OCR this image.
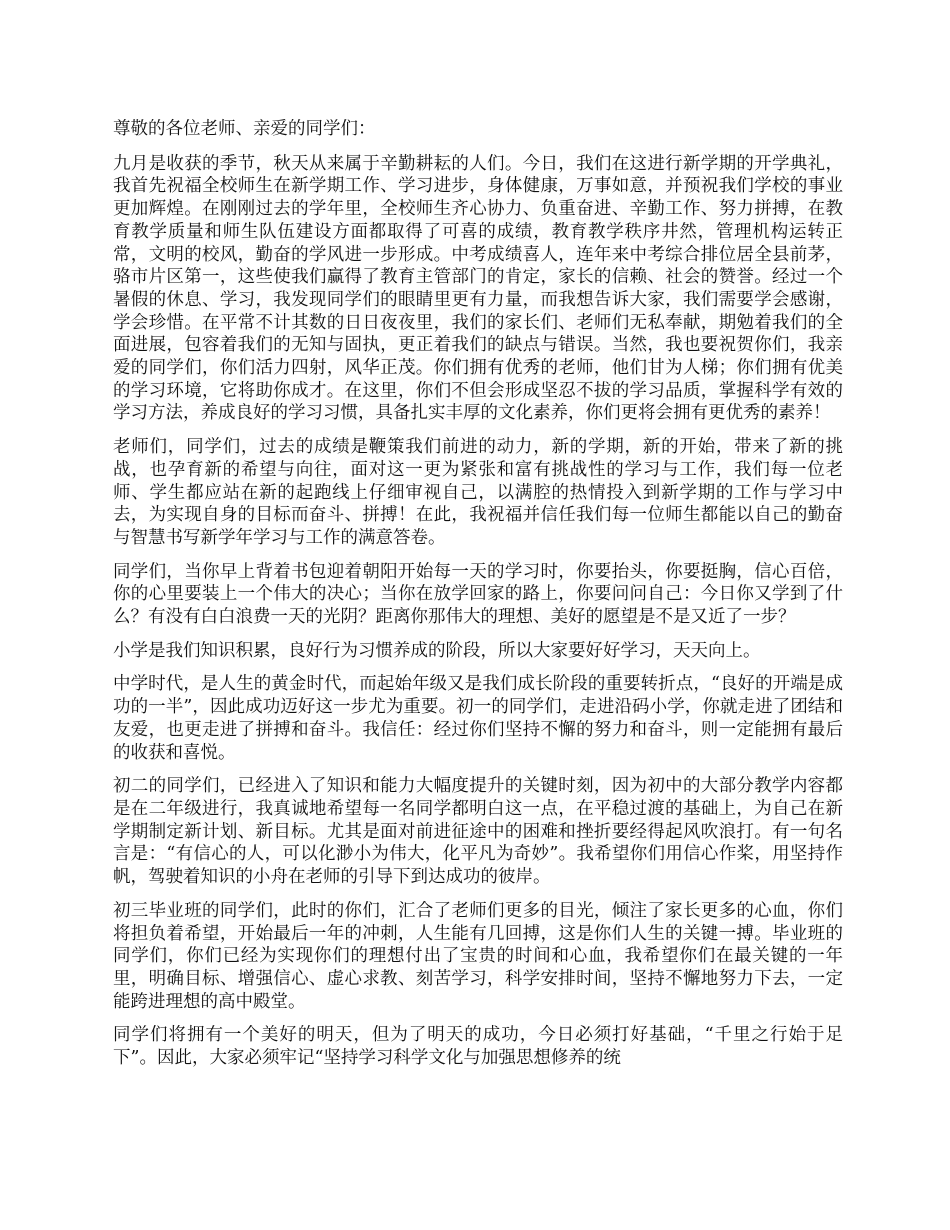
尊敬的各位老师、亲爱的同学们：

九月是收获的季节，秋天从来属于辛勤耕耘的人们。今日，我们在这进行新学期的开学典礼，我首先祝福全校师生在新学期工作、学习进步，身体健康，万事如意，并预祝我们学校的事业更加辉煌。在刚刚过去的学年里，全校师生齐心协力、负重奋进、辛勤工作、努力拼搏，在教育教学质量和师生队伍建设方面都取得了可喜的成绩，教育教学秩序井然，管理机构运转正常，文明的校风，勤奋的学风进一步形成。中考成绩喜人，连年来中考综合排位居全县前茅，骆市片区第一，这些使我们赢得了教育主管部门的肯定，家长的信赖、社会的赞誉。经过一个暑假的休息、学习，我发现同学们的眼睛里更有力量，而我想告诉大家，我们需要学会感谢，学会珍惜。在平常不计其数的日日夜夜里，我们的家长们、老师们无私奉献，期勉着我们的全面进展，包容着我们的无知与固执，更正着我们的缺点与错误。当然，我也要祝贺你们，我亲爱的同学们，你们活力四射，风华正茂。你们拥有优秀的老师，他们甘为人梯；你们拥有优美的学习环境，它将助你成才。在这里，你们不但会形成坚忍不拔的学习品质，掌握科学有效的学习方法，养成良好的学习习惯，具备扎实丰厚的文化素养，你们更将会拥有更优秀的素养！

老师们，同学们，过去的成绩是鞭策我们前进的动力，新的学期，新的开始，带来了新的挑战，也孕育新的希望与向往，面对这一更为紧张和富有挑战性的学习与工作，我们每一位老师、学生都应站在新的起跑线上仔细审视自己，以满腔的热情投入到新学期的工作与学习中去，为实现自身的目标而奋斗、拼搏！在此，我祝福并信任我们每一位师生都能以自己的勤奋与智慧书写新学年学习与工作的满意答卷。

同学们，当你早上背着书包迎着朝阳开始每一天的学习时，你要抬头，你要挺胸，信心百倍，你的心里要装上一个伟大的决心；当你在放学回家的路上，你要问问自己：今日你又学到了什么？有没有白白浪费一天的光阴？距离你那伟大的理想、美好的愿望是不是又近了一步？

小学是我们知识积累，良好行为习惯养成的阶段，所以大家要好好学习，天天向上。

中学时代，是人生的黄金时代，而起始年级又是我们成长阶段的重要转折点，“良好的开端是成功的一半”，因此成功迈好这一步尤为重要。初一的同学们，走进沿码小学，你就走进了团结和友爱，也更走进了拼搏和奋斗。我信任：经过你们坚持不懈的努力和奋斗，则一定能拥有最后的收获和喜悦。

初二的同学们，已经进入了知识和能力大幅度提升的关键时刻，因为初中的大部分教学内容都是在二年级进行，我真诚地希望每一名同学都明白这一点，在平稳过渡的基础上，为自己在新学期制定新计划、新目标。尤其是面对前进征途中的困难和挫折要经得起风吹浪打。有一句名言是：“有信心的人，可以化渺小为伟大，化平凡为奇妙”。我希望你们用信心作桨，用坚持作帆，驾驶着知识的小舟在老师的引导下到达成功的彼岸。

初三毕业班的同学们，此时的你们，汇合了老师们更多的目光，倾注了家长更多的心血，你们将担负着希望，开始最后一年的冲刺，人生能有几回搏，这是你们人生的关键一搏。毕业班的同学们，你们已经为实现你们的理想付出了宝贵的时间和心血，我希望你们在最关键的一年里，明确目标、增强信心、虚心求教、刻苦学习，科学安排时间，坚持不懈地努力下去，一定能跨进理想的高中殿堂。

同学们将拥有一个美好的明天，但为了明天的成功，今日必须打好基础，“千里之行始于足下”。因此，大家必须牢记“坚持学习科学文化与加强思想修养的统
